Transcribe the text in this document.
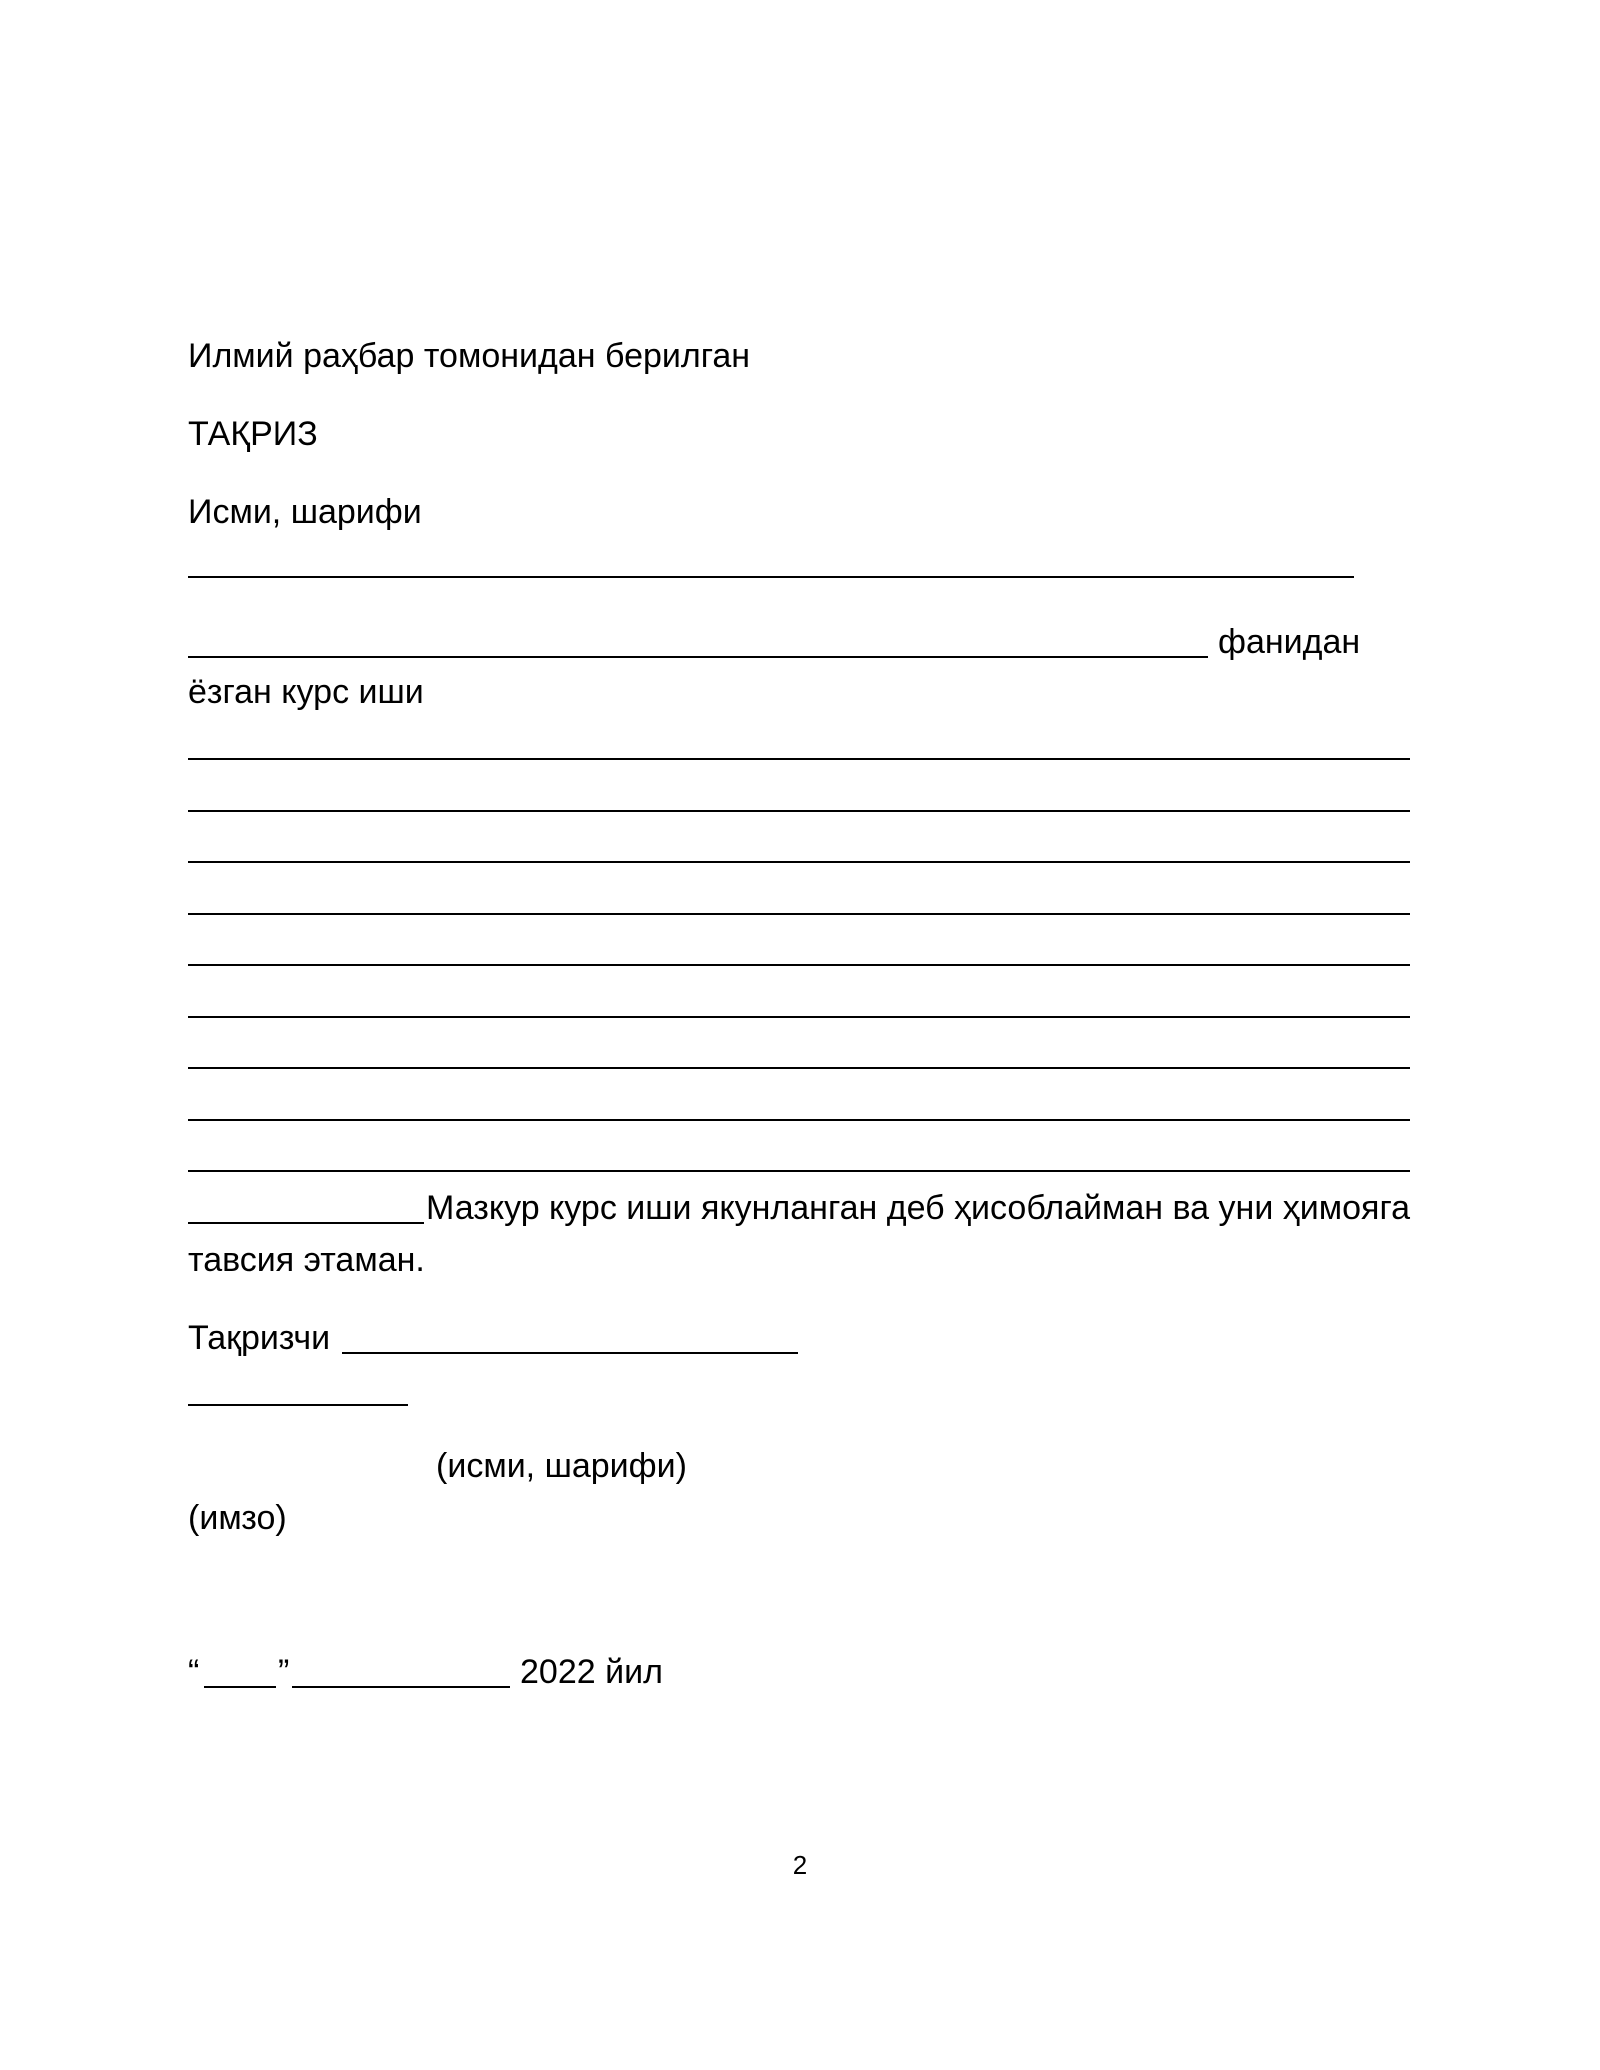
Илмий раҳбар томонидан берилган
ТАҚРИЗ
Исми, шарифи
фанидан
ёзган курс иши
Мазкур курс иши якунланган деб ҳисоблайман ва уни ҳимояга
тавсия этаман.
Тақризчи
(исми, шарифи)
(имзо)
“ ”	2022 йил
2
